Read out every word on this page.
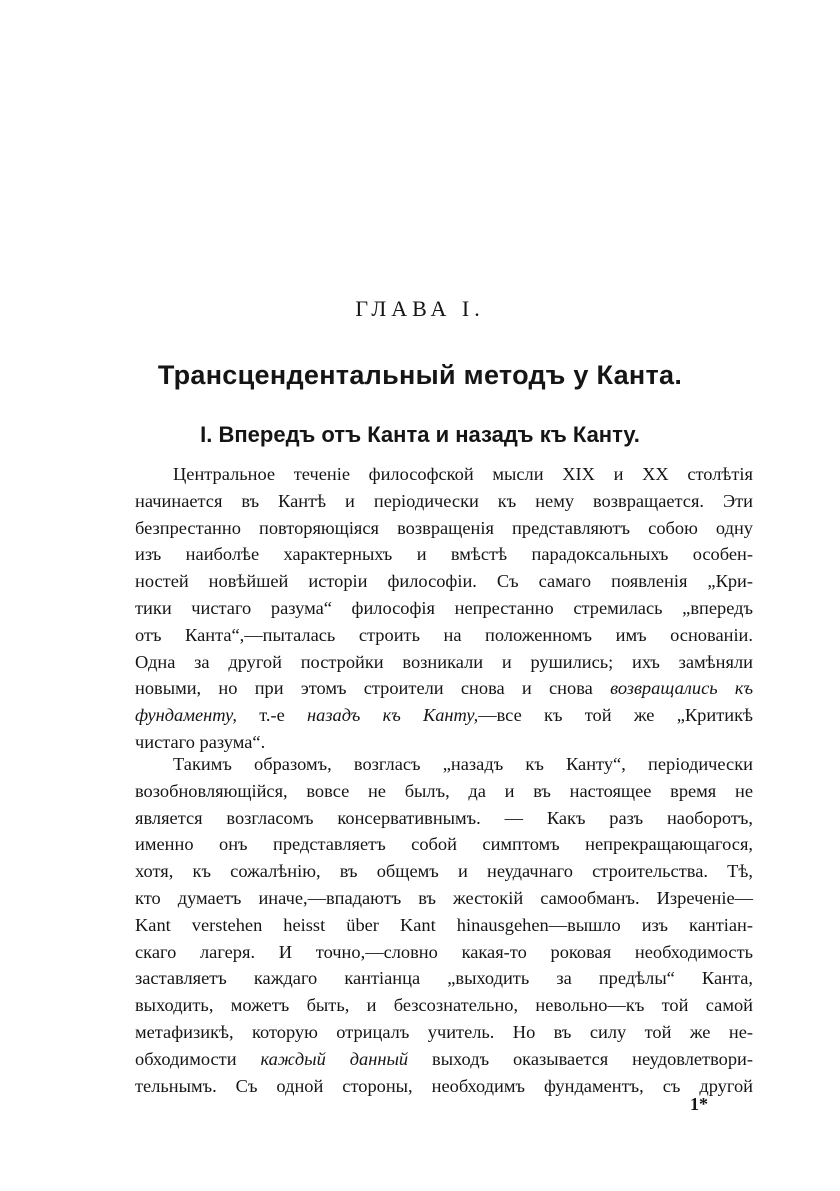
ГЛАВА I.
Трансцендентальный методъ у Канта.
I. Впередъ отъ Канта и назадъ къ Канту.
Центральное теченіе философской мысли XIX и XX столѣтія
начинается въ Кантѣ и періодически къ нему возвращается. Эти
безпрестанно повторяющіяся возвращенія представляютъ собою одну
изъ наиболѣе характерныхъ и вмѣстѣ парадоксальныхъ особен-
ностей новѣйшей исторіи философіи. Съ самаго появленія „Кри-
тики чистаго разума“ философія непрестанно стремилась „впередъ
отъ Канта“,—пыталась строить на положенномъ имъ основаніи.
Одна за другой постройки возникали и рушились; ихъ замѣняли
новыми, но при этомъ строители снова и снова возвращались къ
фундаменту, т.-е назадъ къ Канту,—все къ той же „Критикѣ
чистаго разума“.
Такимъ образомъ, возгласъ „назадъ къ Канту“, періодически
возобновляющійся, вовсе не былъ, да и въ настоящее время не
является возгласомъ консервативнымъ. — Какъ разъ наоборотъ,
именно онъ представляетъ собой симптомъ непрекращающагося,
хотя, къ сожалѣнію, въ общемъ и неудачнаго строительства. Тѣ,
кто думаетъ иначе,—впадаютъ въ жестокій самообманъ. Изреченіе—
Kant verstehen heisst über Kant hinausgehen—вышло изъ кантіан-
скаго лагеря. И точно,—словно какая-то роковая необходимость
заставляетъ каждаго кантіанца „выходить за предѣлы“ Канта,
выходить, можетъ быть, и безсознательно, невольно—къ той самой
метафизикѣ, которую отрицалъ учитель. Но въ силу той же не-
обходимости каждый данный выходъ оказывается неудовлетвори-
тельнымъ. Съ одной стороны, необходимъ фундаментъ, съ другой
1*
